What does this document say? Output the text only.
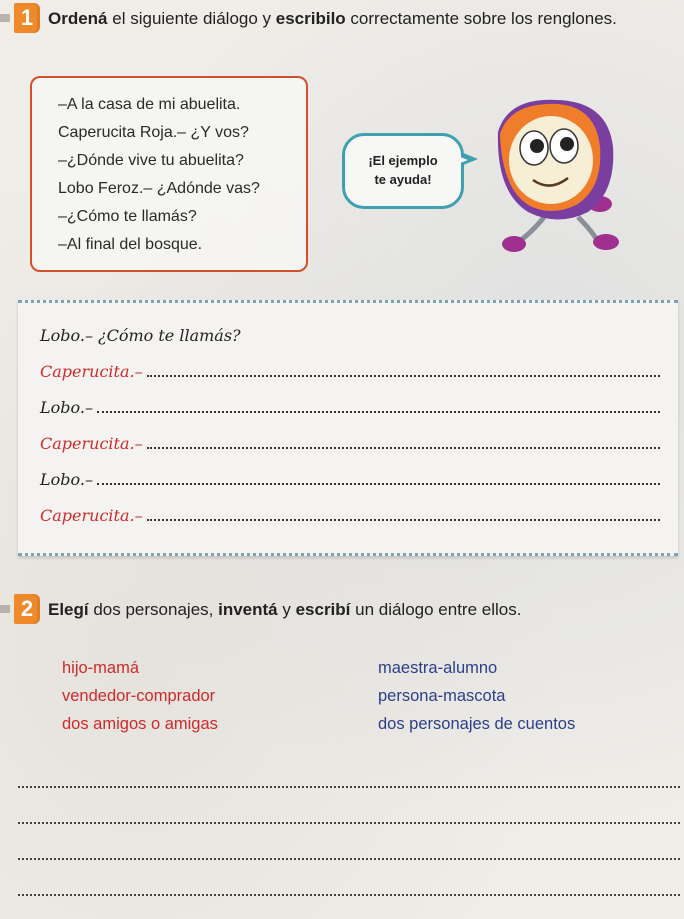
1 Ordená el siguiente diálogo y escribilo correctamente sobre los renglones.
–A la casa de mi abuelita.
Caperucita Roja.– ¿Y vos?
–¿Dónde vive tu abuelita?
Lobo Feroz.– ¿Adónde vas?
–¿Cómo te llamás?
–Al final del bosque.
¡El ejemplo
te ayuda!
Lobo.– ¿Cómo te llamás?
Caperucita.–
Lobo.–
Caperucita.–
Lobo.–
Caperucita.–
2 Elegí dos personajes, inventá y escribí un diálogo entre ellos.
hijo-mamá
vendedor-comprador
dos amigos o amigas
maestra-alumno
persona-mascota
dos personajes de cuentos
